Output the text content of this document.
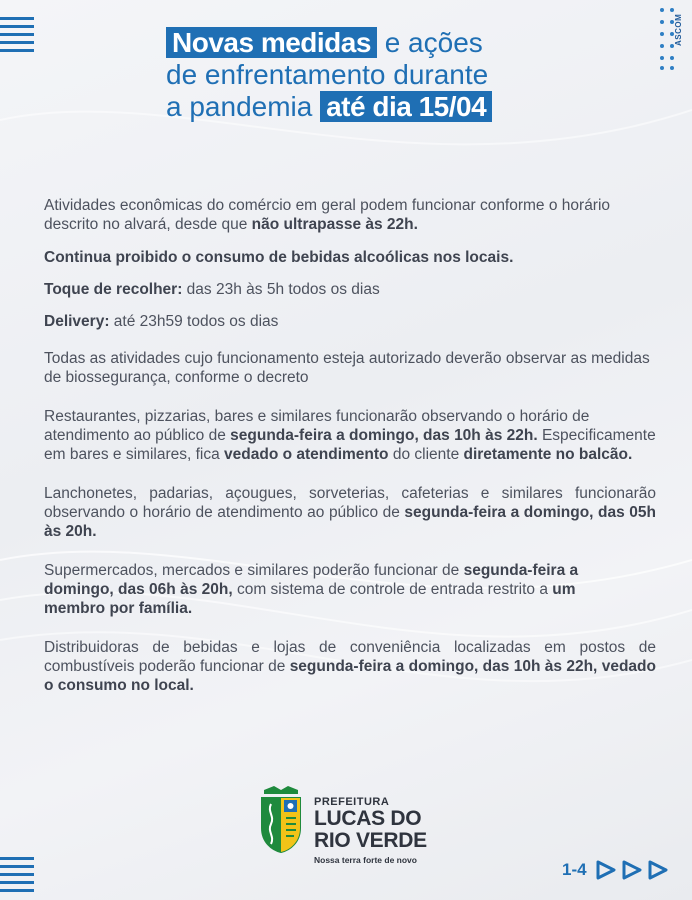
ASCOM
Novas medidas e ações
de enfrentamento durante
a pandemia até dia 15/04

Atividades econômicas do comércio em geral podem funcionar conforme o horário descrito no alvará, desde que não ultrapasse às 22h.

Continua proibido o consumo de bebidas alcoólicas nos locais.

Toque de recolher: das 23h às 5h todos os dias

Delivery: até 23h59 todos os dias

Todas as atividades cujo funcionamento esteja autorizado deverão observar as medidas de biossegurança, conforme o decreto

Restaurantes, pizzarias, bares e similares funcionarão observando o horário de atendimento ao público de segunda-feira a domingo, das 10h às 22h. Especificamente em bares e similares, fica vedado o atendimento do cliente diretamente no balcão.

Lanchonetes, padarias, açougues, sorveterias, cafeterias e similares funcionarão observando o horário de atendimento ao público de segunda-feira a domingo, das 05h às 20h.

Supermercados, mercados e similares poderão funcionar de segunda-feira a domingo, das 06h às 20h, com sistema de controle de entrada restrito a um membro por família.

Distribuidoras de bebidas e lojas de conveniência localizadas em postos de combustíveis poderão funcionar de segunda-feira a domingo, das 10h às 22h, vedado o consumo no local.

PREFEITURA
LUCAS DO
RIO VERDE
Nossa terra forte de novo	1-4
